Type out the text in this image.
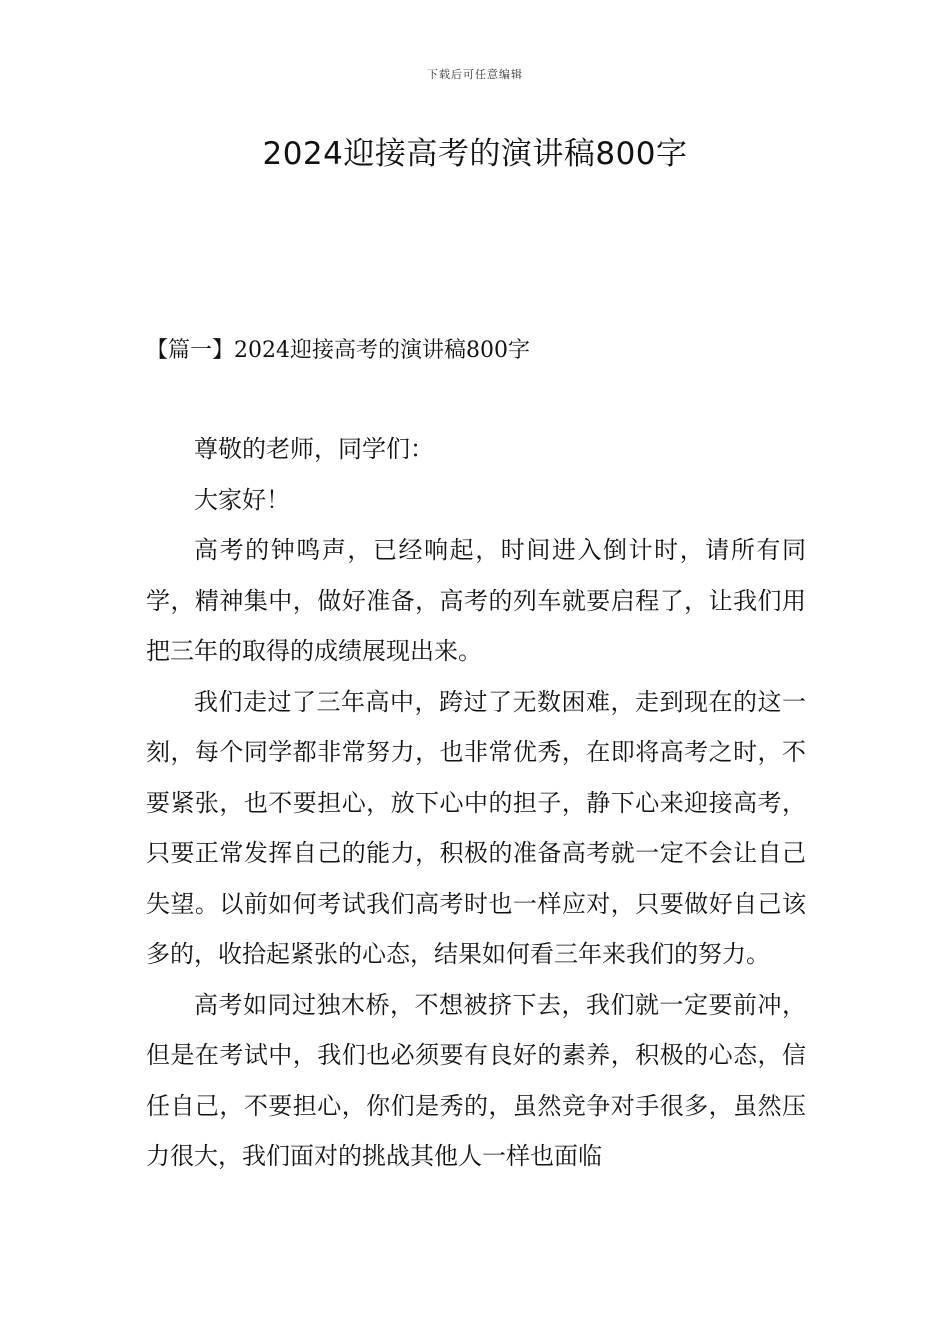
下载后可任意编辑
2024迎接高考的演讲稿800字
【篇一】2024迎接高考的演讲稿800字

尊敬的老师，同学们：

大家好！

高考的钟鸣声，已经响起，时间进入倒计时，请所有同学，精神集中，做好准备，高考的列车就要启程了，让我们用把三年的取得的成绩展现出来。

我们走过了三年高中，跨过了无数困难，走到现在的这一刻，每个同学都非常努力，也非常优秀，在即将高考之时，不要紧张，也不要担心，放下心中的担子，静下心来迎接高考，只要正常发挥自己的能力，积极的准备高考就一定不会让自己失望。以前如何考试我们高考时也一样应对，只要做好自己该多的，收拾起紧张的心态，结果如何看三年来我们的努力。

高考如同过独木桥，不想被挤下去，我们就一定要前冲，但是在考试中，我们也必须要有良好的素养，积极的心态，信任自己，不要担心，你们是秀的，虽然竞争对手很多，虽然压力很大，我们面对的挑战其他人一样也面临
